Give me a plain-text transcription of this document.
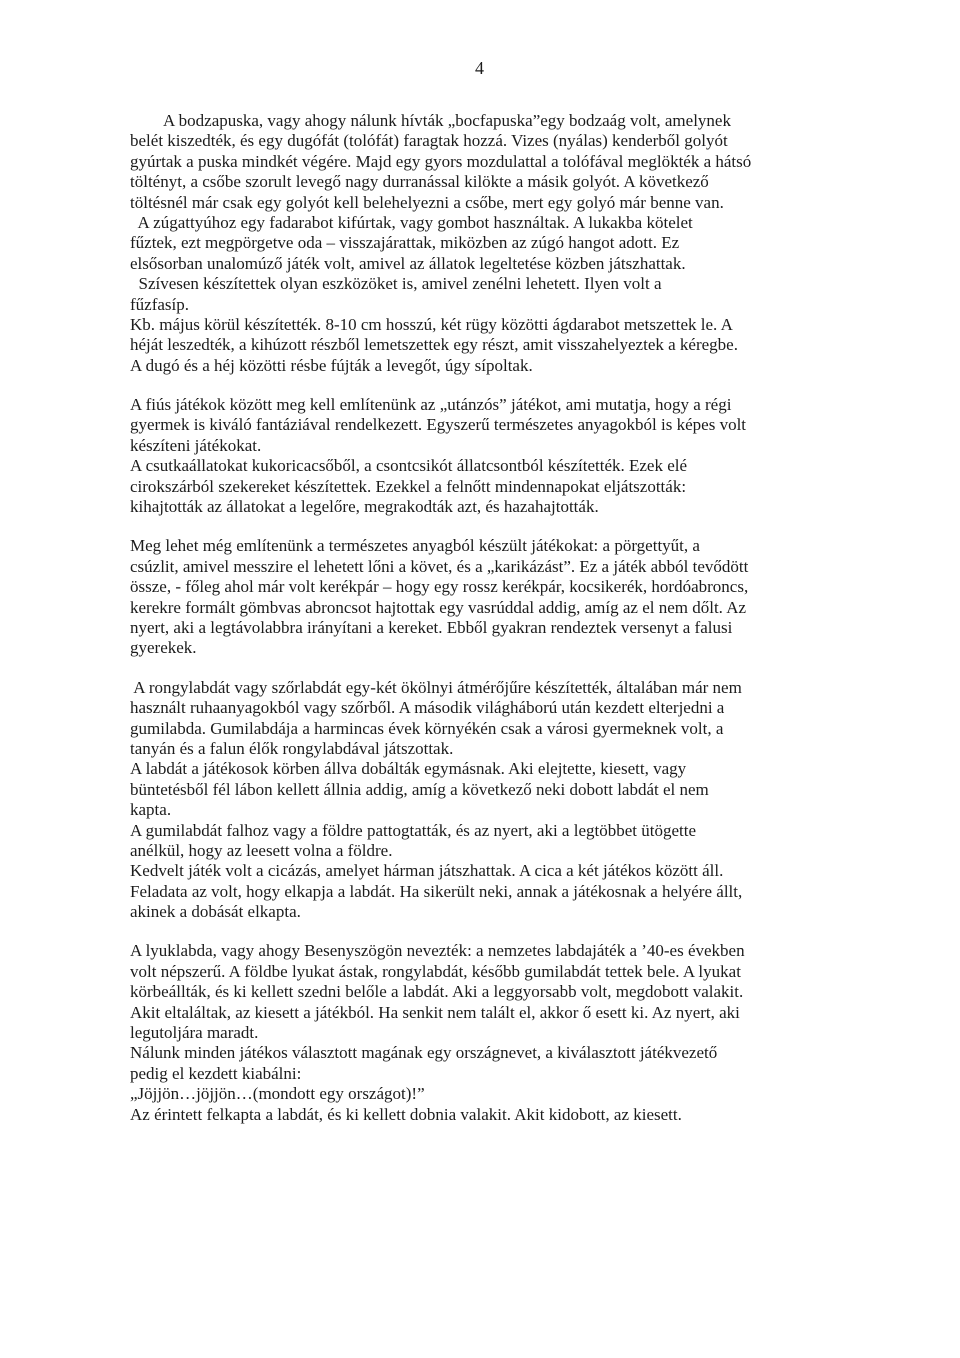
4
A bodzapuska, vagy ahogy nálunk hívták „bocfapuska”egy bodzaág volt, amelynek
belét kiszedték, és egy dugófát (tolófát) faragtak hozzá. Vizes (nyálas) kenderből golyót
gyúrtak a puska mindkét végére. Majd egy gyors mozdulattal a tolófával meglökték a hátsó
töltényt, a csőbe szorult levegő nagy durranással kilökte a másik golyót. A következő
töltésnél már csak egy golyót kell belehelyezni a csőbe, mert egy golyó már benne van.
A zúgattyúhoz egy fadarabot kifúrtak, vagy gombot használtak. A lukakba kötelet
fűztek, ezt megpörgetve oda – visszajárattak, miközben az zúgó hangot adott. Ez
elsősorban unalomúző játék volt, amivel az állatok legeltetése közben játszhattak.
Szívesen készítettek olyan eszközöket is, amivel zenélni lehetett. Ilyen volt a
fűzfasíp.
Kb. május körül készítették. 8-10 cm hosszú, két rügy közötti ágdarabot metszettek le. A
héját leszedték, a kihúzott részből lemetszettek egy részt, amit visszahelyeztek a kéregbe.
A dugó és a héj közötti résbe fújták a levegőt, úgy sípoltak.
A fiús játékok között meg kell említenünk az „utánzós” játékot, ami mutatja, hogy a régi
gyermek is kiváló fantáziával rendelkezett. Egyszerű természetes anyagokból is képes volt
készíteni játékokat.
A csutkaállatokat kukoricacsőből, a csontcsikót állatcsontból készítették. Ezek elé
cirokszárból szekereket készítettek. Ezekkel a felnőtt mindennapokat eljátszották:
kihajtották az állatokat a legelőre, megrakodták azt, és hazahajtották.
Meg lehet még említenünk a természetes anyagból készült játékokat: a pörgettyűt, a
csúzlit, amivel messzire el lehetett lőni a követ, és a „karikázást”. Ez a játék abból tevődött
össze, - főleg ahol már volt kerékpár – hogy egy rossz kerékpár, kocsikerék, hordóabroncs,
kerekre formált gömbvas abroncsot hajtottak egy vasrúddal addig, amíg az el nem dőlt. Az
nyert, aki a legtávolabbra irányítani a kereket. Ebből gyakran rendeztek versenyt a falusi
gyerekek.
A rongylabdát vagy szőrlabdát egy-két ökölnyi átmérőjűre készítették, általában már nem
használt ruhaanyagokból vagy szőrből. A második világháború után kezdett elterjedni a
gumilabda. Gumilabdája a harmincas évek környékén csak a városi gyermeknek volt, a
tanyán és a falun élők rongylabdával játszottak.
A labdát a játékosok körben állva dobálták egymásnak. Aki elejtette, kiesett, vagy
büntetésből fél lábon kellett állnia addig, amíg a következő neki dobott labdát el nem
kapta.
A gumilabdát falhoz vagy a földre pattogtatták, és az nyert, aki a legtöbbet ütögette
anélkül, hogy az leesett volna a földre.
Kedvelt játék volt a cicázás, amelyet hárman játszhattak. A cica a két játékos között áll.
Feladata az volt, hogy elkapja a labdát. Ha sikerült neki, annak a játékosnak a helyére állt,
akinek a dobását elkapta.
A lyuklabda, vagy ahogy Besenyszögön nevezték: a nemzetes labdajáték a ’40-es években
volt népszerű. A földbe lyukat ástak, rongylabdát, később gumilabdát tettek bele. A lyukat
körbeállták, és ki kellett szedni belőle a labdát. Aki a leggyorsabb volt, megdobott valakit.
Akit eltaláltak, az kiesett a játékból. Ha senkit nem talált el, akkor ő esett ki. Az nyert, aki
legutoljára maradt.
Nálunk minden játékos választott magának egy országnevet, a kiválasztott játékvezető
pedig el kezdett kiabálni:
„Jöjjön…jöjjön…(mondott egy országot)!”
Az érintett felkapta a labdát, és ki kellett dobnia valakit. Akit kidobott, az kiesett.
